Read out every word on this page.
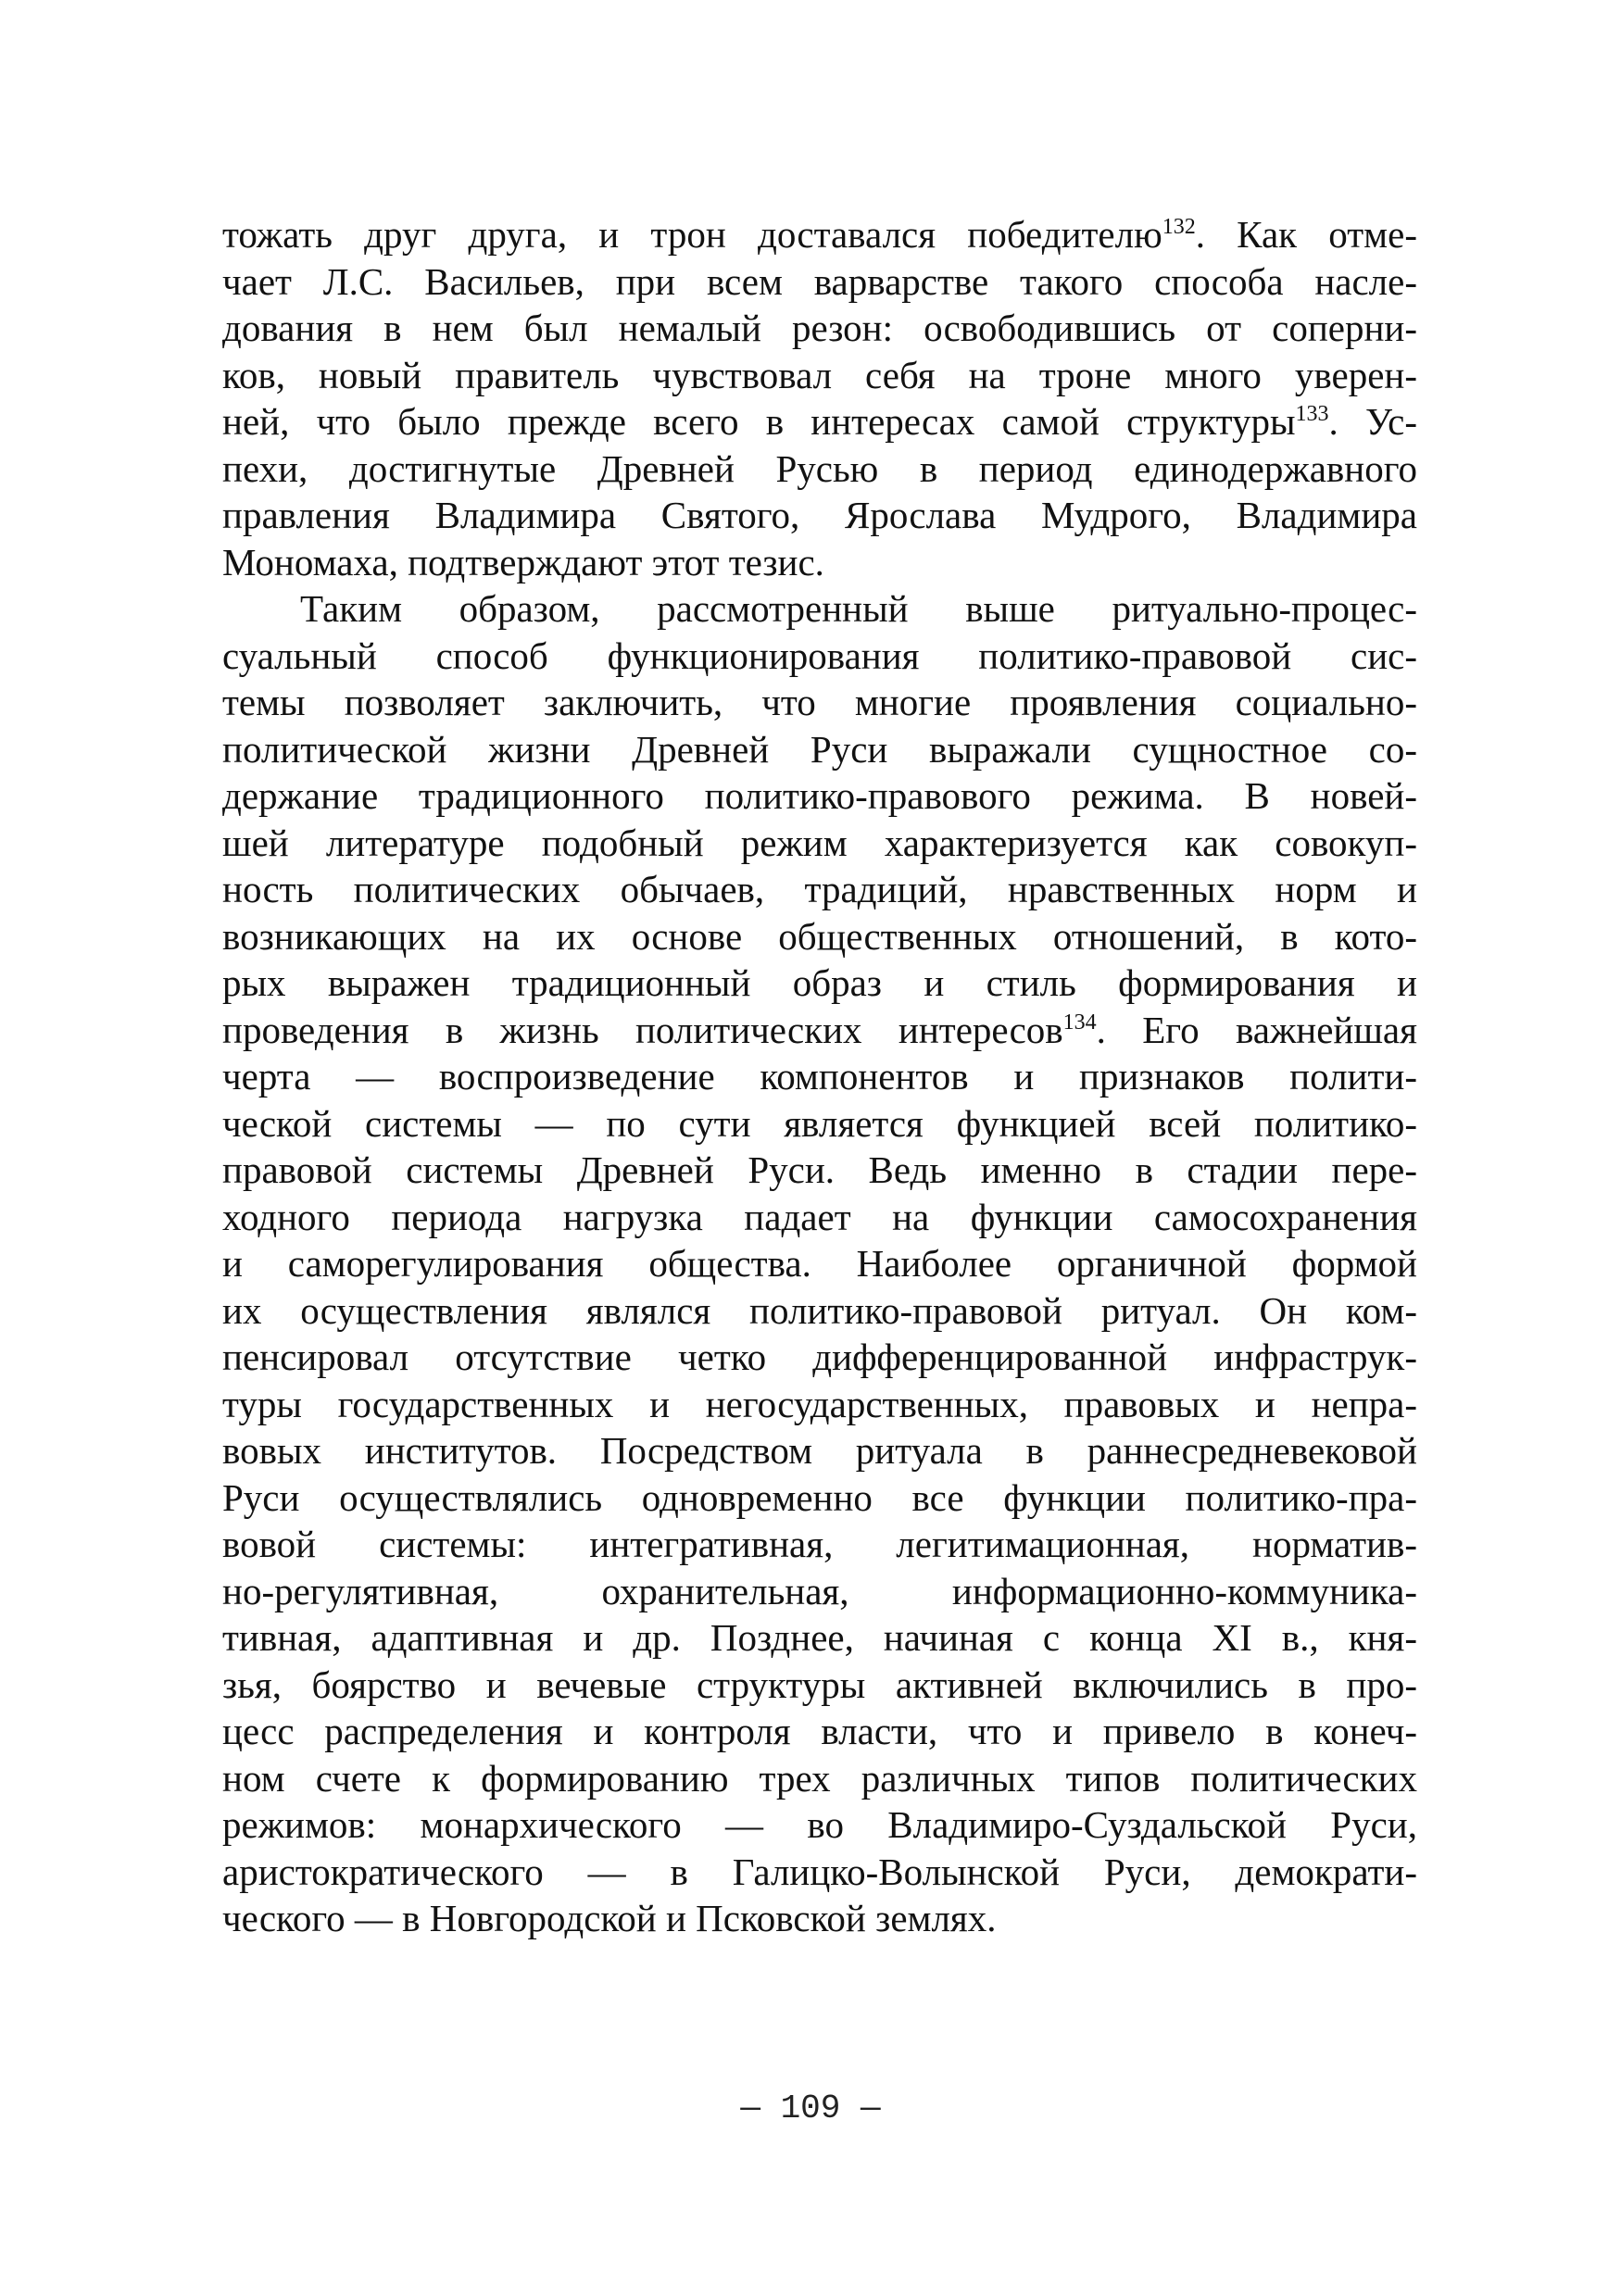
тожать друг друга, и трон доставался победителю$^{132}$. Как отме-
чает Л.С. Васильев, при всем варварстве такого способа насле-
дования в нем был немалый резон: освободившись от соперни-
ков, новый правитель чувствовал себя на троне много уверен-
ней, что было прежде всего в интересах самой структуры$^{133}$. Ус-
пехи, достигнутые Древней Русью в период единодержавного
правления Владимира Святого, Ярослава Мудрого, Владимира
Мономаха, подтверждают этот тезис.
Таким образом, рассмотренный выше ритуально-процес-
суальный способ функционирования политико-правовой сис-
темы позволяет заключить, что многие проявления социально-
политической жизни Древней Руси выражали сущностное со-
держание традиционного политико-правового режима. В новей-
шей литературе подобный режим характеризуется как совокуп-
ность политических обычаев, традиций, нравственных норм и
возникающих на их основе общественных отношений, в кото-
рых выражен традиционный образ и стиль формирования и
проведения в жизнь политических интересов$^{134}$. Его важнейшая
черта — воспроизведение компонентов и признаков полити-
ческой системы — по сути является функцией всей политико-
правовой системы Древней Руси. Ведь именно в стадии пере-
ходного периода нагрузка падает на функции самосохранения
и саморегулирования общества. Наиболее органичной формой
их осуществления являлся политико-правовой ритуал. Он ком-
пенсировал отсутствие четко дифференцированной инфраструк-
туры государственных и негосударственных, правовых и непра-
вовых институтов. Посредством ритуала в раннесредневековой
Руси осуществлялись одновременно все функции политико-пра-
вовой системы: интегративная, легитимационная, норматив-
но-регулятивная, охранительная, информационно-коммуника-
тивная, адаптивная и др. Позднее, начиная с конца XI в., кня-
зья, боярство и вечевые структуры активней включились в про-
цесс распределения и контроля власти, что и привело в конеч-
ном счете к формированию трех различных типов политических
режимов: монархического — во Владимиро-Суздальской Руси,
аристократического — в Галицко-Волынской Руси, демократи-
ческого — в Новгородской и Псковской землях.
— 109 —
